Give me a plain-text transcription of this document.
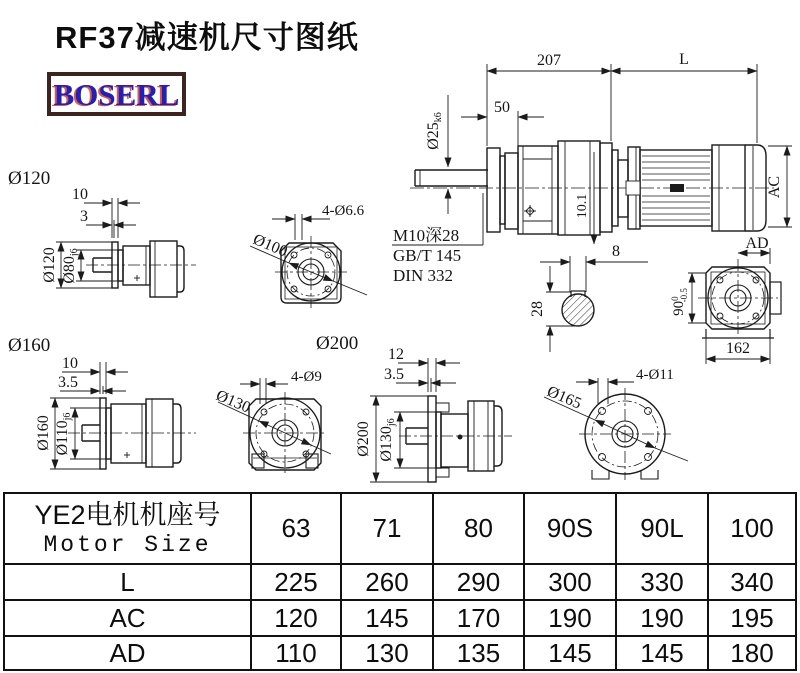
RF37减速机尺寸图纸
BOSERL
207	L
50
Ø25k6
10.1
AC
M10深28
GB/T 145
DIN 332
8
28
AD
$90^0-0.5$
162
Ø120
10
3
Ø120 Ø80j6
4-Ø6.6
Ø100
Ø160
10
3.5
Ø160 Ø110j6
4-Ø9
Ø130
Ø200
12
3.5
Ø200 Ø130j6
4-Ø11
Ø165
YE2电机机座号
Motor Size	63	71	80	90S	90L	100
L	225	260	290	300	330	340
AC	120	145	170	190	190	195
AD	110	130	135	145	145	180
